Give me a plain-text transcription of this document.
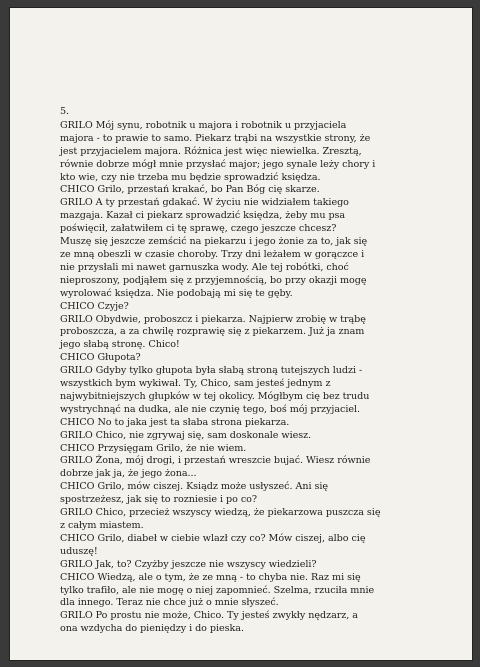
5.
GRILO Mój synu, robotnik u majora i robotnik u przyjaciela
majora - to prawie to samo. Piekarz trąbi na wszystkie strony, że
jest przyjacielem majora. Różnica jest więc niewielka. Zresztą,
równie dobrze mógł mnie przysłać major; jego synale leży chory i
kto wie, czy nie trzeba mu będzie sprowadzić księdza.
CHICO Grilo, przestań krakać, bo Pan Bóg cię skarze.
GRILO A ty przestań gdakać. W życiu nie widziałem takiego
mazgaja. Kazał ci piekarz sprowadzić księdza, żeby mu psa
poświęcił, załatwiłem ci tę sprawę, czego jeszcze chcesz?
Muszę się jeszcze zemścić na piekarzu i jego żonie za to, jak się
ze mną obeszli w czasie choroby. Trzy dni leżałem w gorączce i
nie przysłali mi nawet garnuszka wody. Ale tej robótki, choć
nieproszony, podjąłem się z przyjemnością, bo przy okazji mogę
wyrolować księdza. Nie podobają mi się te gęby.
CHICO Czyje?
GRILO Obydwie, proboszcz i piekarza. Najpierw zrobię w trąbę
proboszcza, a za chwilę rozprawię się z piekarzem. Już ja znam
jego słabą stronę. Chico!
CHICO Głupota?
GRILO Gdyby tylko głupota była słabą stroną tutejszych ludzi -
wszystkich bym wykiwał. Ty, Chico, sam jesteś jednym z
najwybitniejszych głupków w tej okolicy. Mógłbym cię bez trudu
wystrychnąć na dudka, ale nie czynię tego, boś mój przyjaciel.
CHICO No to jaka jest ta słaba strona piekarza.
GRILO Chico, nie zgrywaj się, sam doskonale wiesz.
CHICO Przysięgam Grilo, że nie wiem.
GRILO Żona, mój drogi, i przestań wreszcie bujać. Wiesz równie
dobrze jak ja, że jego żona...
CHICO Grilo, mów ciszej. Ksiądz może usłyszeć. Ani się
spostrzeżesz, jak się to rozniesie i po co?
GRILO Chico, przecież wszyscy wiedzą, że piekarzowa puszcza się
z całym miastem.
CHICO Grilo, diabeł w ciebie wlazł czy co? Mów ciszej, albo cię
uduszę!
GRILO Jak, to? Czyżby jeszcze nie wszyscy wiedzieli?
CHICO Wiedzą, ale o tym, że ze mną - to chyba nie. Raz mi się
tylko trafiło, ale nie mogę o niej zapomnieć. Szelma, rzuciła mnie
dla innego. Teraz nie chce już o mnie słyszeć.
GRILO Po prostu nie może, Chico. Ty jesteś zwykły nędzarz, a
ona wzdycha do pieniędzy i do pieska.
